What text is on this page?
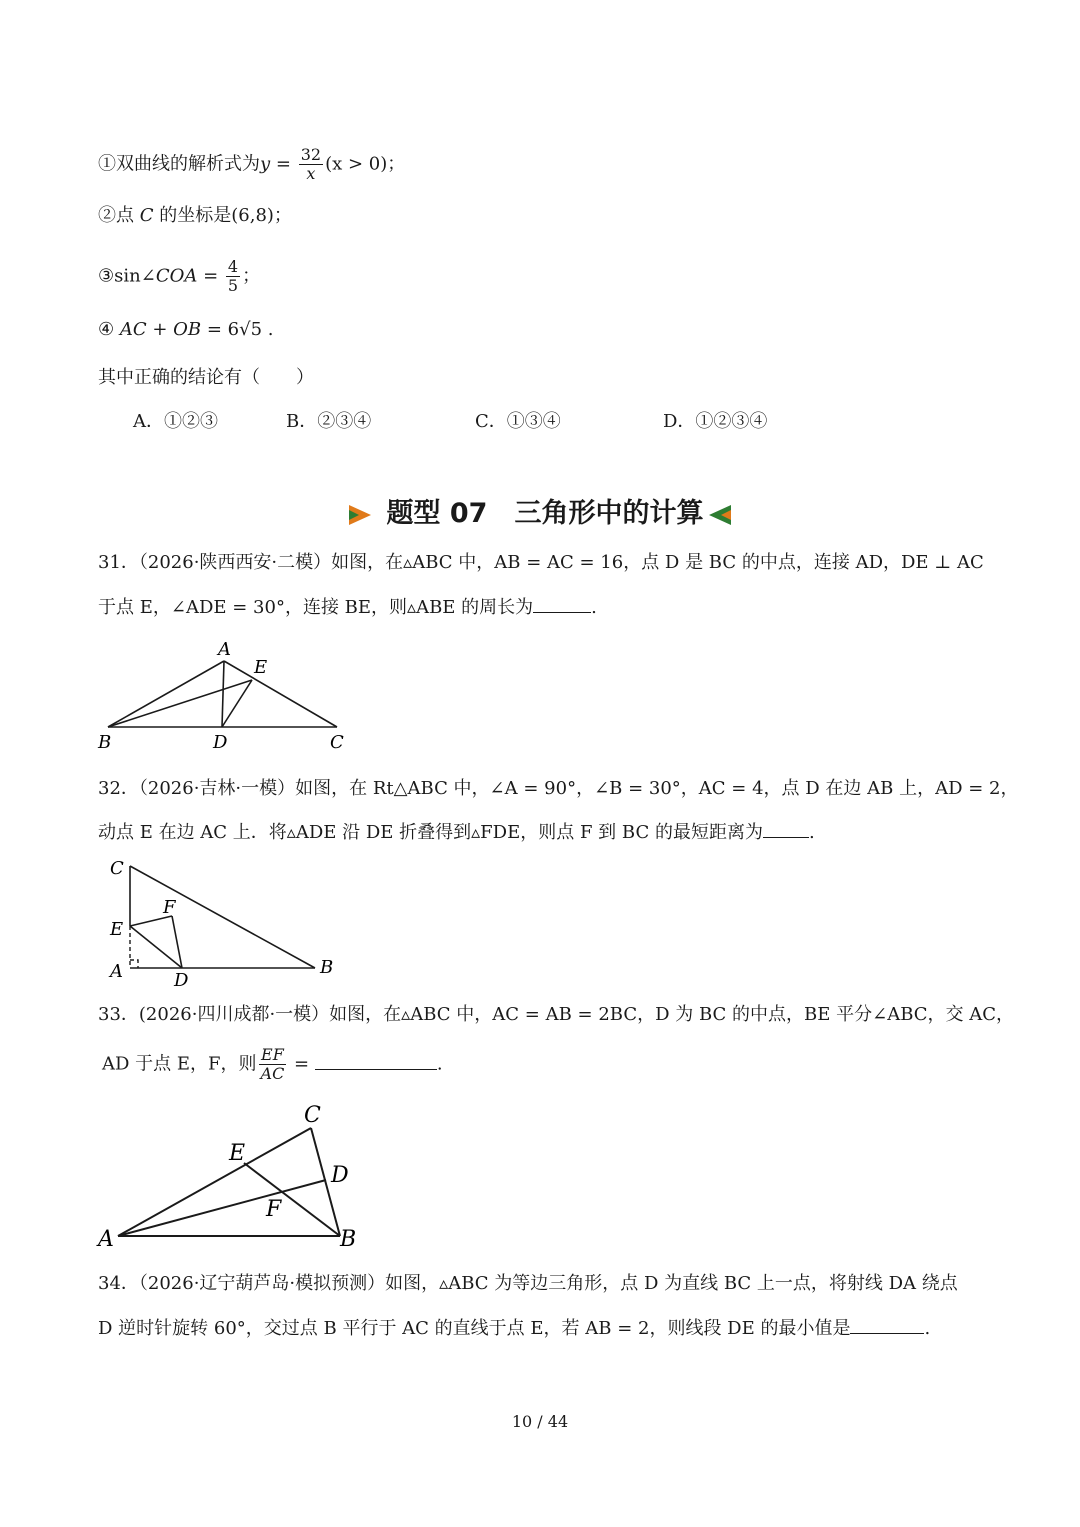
①双曲线的解析式为$y = \frac{32}{x} (x > 0)$；
②点 C 的坐标是(6,8)；
③sin∠COA = $\frac{4}{5}$ ；
④ AC + OB = 6√5 .
其中正确的结论有（　　）
A．①②③	B．②③④	C．①③④	D．①②③④
题型 07　三角形中的计算
31．（2026·陕西西安·二模）如图，在▵ABC 中，AB = AC = 16，点 D 是 BC 的中点，连接 AD，DE ⊥ AC
于点 E，∠ADE = 30°，连接 BE，则▵ABE 的周长为	.
A
E
B	D	C
32．（2026·吉林·一模）如图，在 Rt△ABC 中，∠A = 90°，∠B = 30°，AC = 4，点 D 在边 AB 上，AD = 2，
动点 E 在边 AC 上．将▵ADE 沿 DE 折叠得到▵FDE，则点 F 到 BC 的最短距离为	.
C
F
E
A	D
B
33．(2026·四川成都·一模）如图，在▵ABC 中，AC = AB = 2BC，D 为 BC 的中点，BE 平分∠ABC，交 AC，
AD 于点 E，F，则 $\frac{EF}{AC}$ =	.
C
E
D
F
A	B
34．（2026·辽宁葫芦岛·模拟预测）如图，▵ABC 为等边三角形，点 D 为直线 BC 上一点，将射线 DA 绕点
D 逆时针旋转 60°，交过点 B 平行于 AC 的直线于点 E，若 AB = 2，则线段 DE 的最小值是	.
10 / 44
